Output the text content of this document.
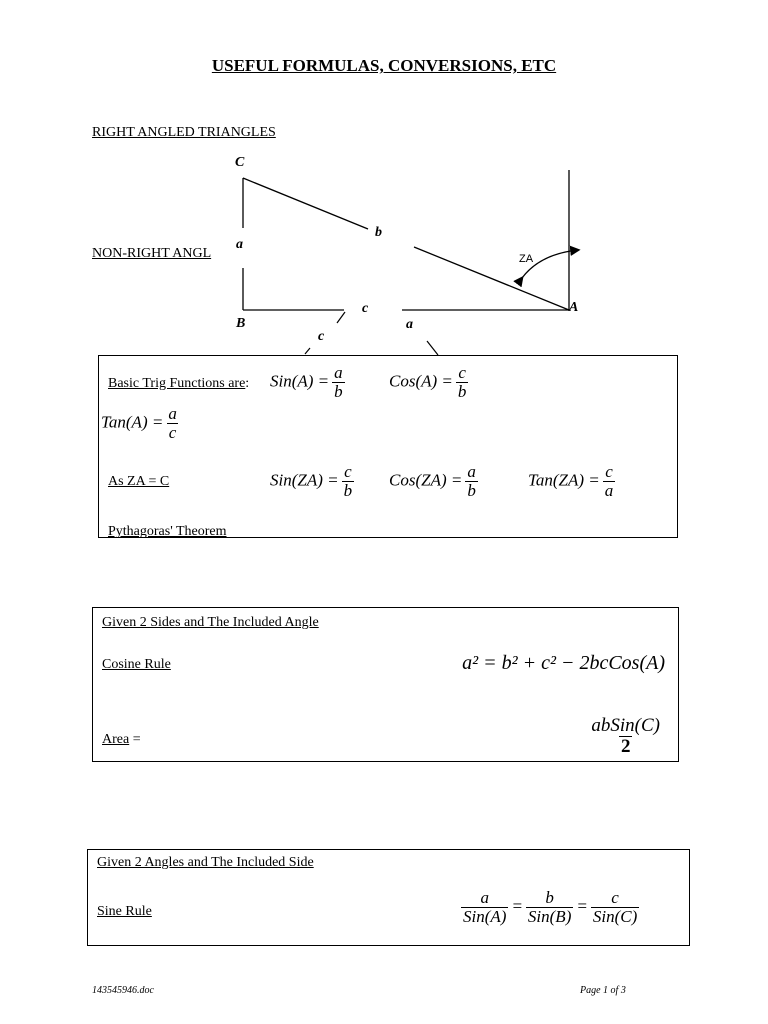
USEFUL FORMULAS, CONVERSIONS, ETC
RIGHT ANGLED TRIANGLES
NON-RIGHT ANGL
C
a
b
c
B
ZA
A
c
a
Basic Trig Functions are: $Sin(A) = \frac{a}{b}$	$Cos(A) = \frac{c}{b}$
$Tan(A) = \frac{a}{c}$
As ZA = C	$Sin(ZA) = \frac{c}{b} Cos(ZA) = \frac{a}{b}$	$Tan(ZA) = \frac{c}{a}$
Pythagoras' Theorem
Given 2 Sides and The Included Angle
Cosine Rule	a² = b² + c² − 2bcCos(A)
Area =	$\frac{\text{abSin(C)}}{2}$
Given 2 Angles and The Included Side
Sine Rule	$\frac{a}{\text{Sin(A)}} = \frac{b}{\text{Sin(B)}} = \frac{c}{\text{Sin(C)}}$
143545946.doc	Page 1 of 3
